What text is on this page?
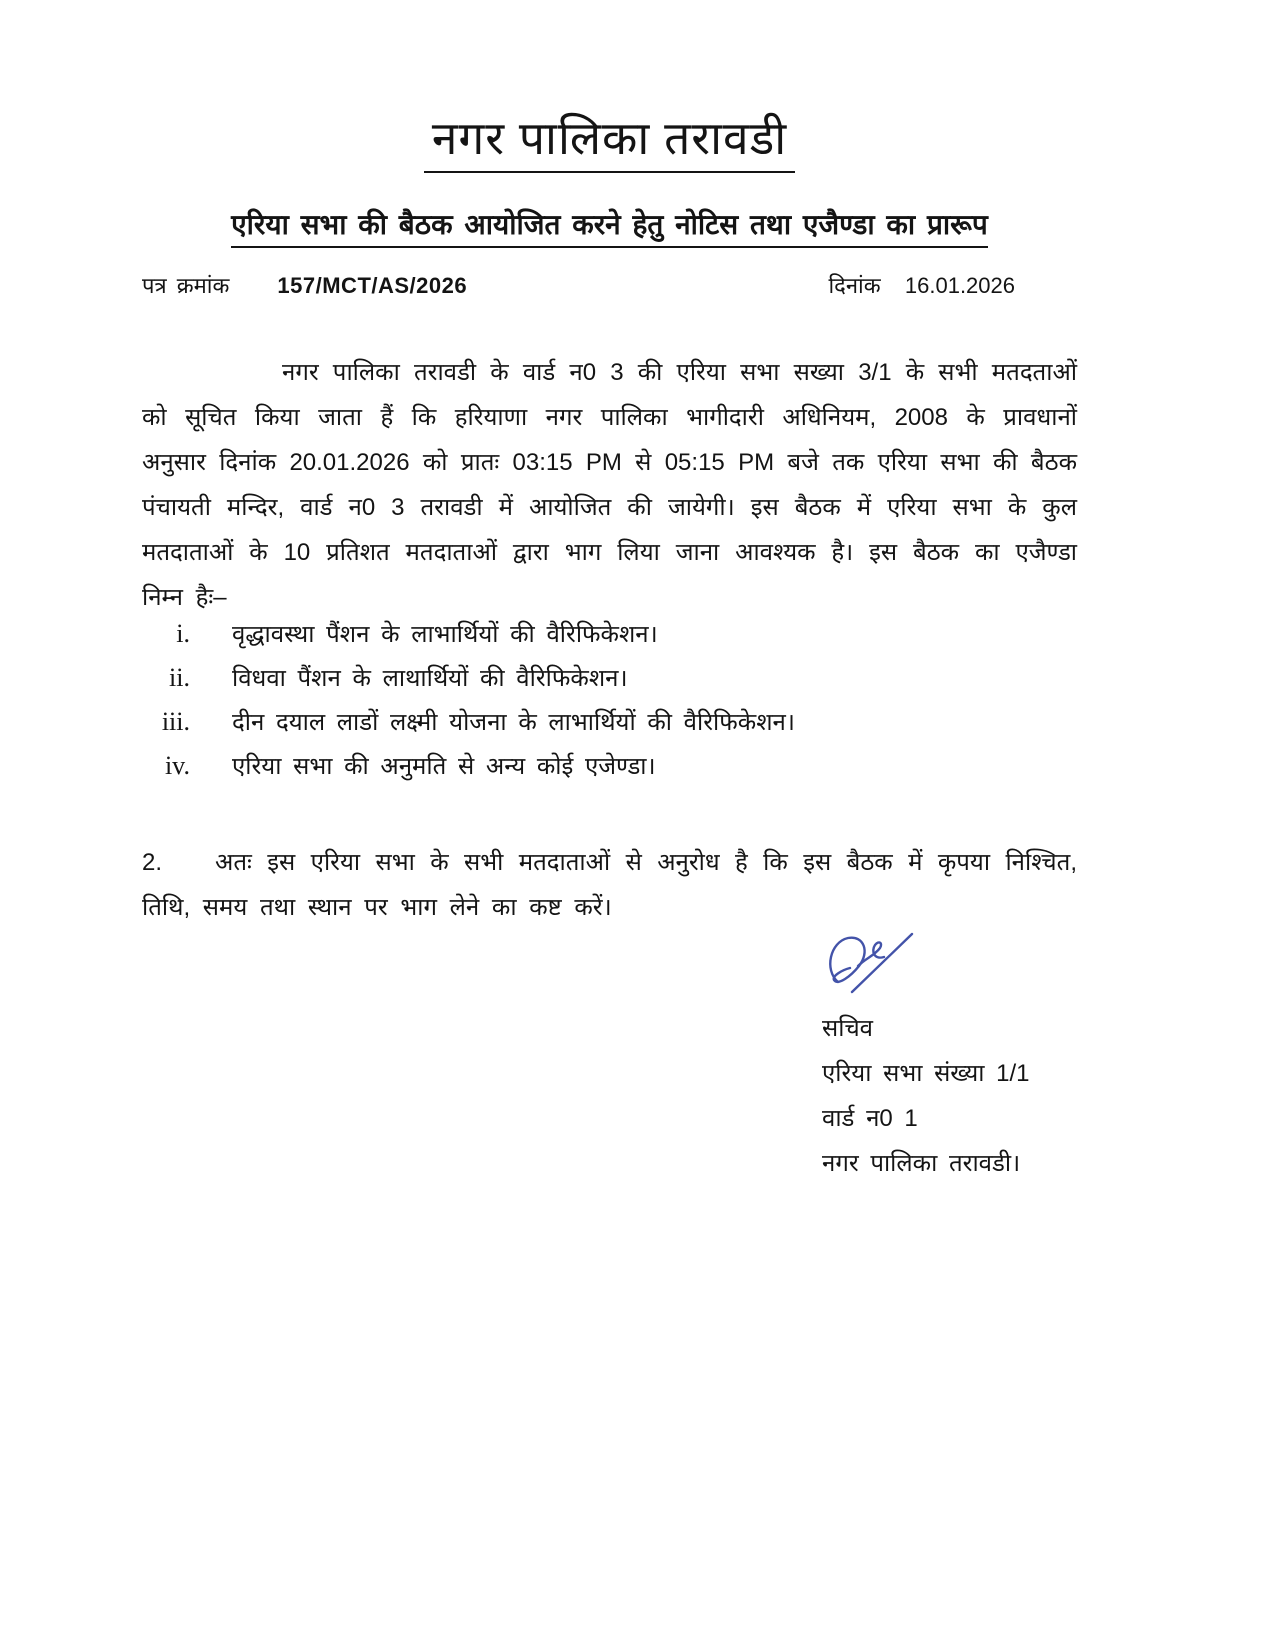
नगर पालिका तरावडी
एरिया सभा की बैठक आयोजित करने हेतु नोटिस तथा एजैण्डा का प्रारूप
पत्र क्रमांक 157/MCT/AS/2026	दिनांक 16.01.2026
नगर पालिका तरावडी के वार्ड न0 3 की एरिया सभा सख्या 3/1 के सभी मतदताओं को सूचित किया जाता हैं कि हरियाणा नगर पालिका भागीदारी अधिनियम, 2008 के प्रावधानों अनुसार दिनांक 20.01.2026 को प्रातः 03:15 PM से 05:15 PM बजे तक एरिया सभा की बैठक पंचायती मन्दिर, वार्ड न0 3 तरावडी में आयोजित की जायेगी। इस बैठक में एरिया सभा के कुल मतदाताओं के 10 प्रतिशत मतदाताओं द्वारा भाग लिया जाना आवश्यक है। इस बैठक का एजैण्डा निम्न हैः–
i. वृद्धावस्था पैंशन के लाभार्थियों की वैरिफिकेशन।
ii. विधवा पैंशन के लाथार्थियों की वैरिफिकेशन।
iii. दीन दयाल लाडों लक्ष्मी योजना के लाभार्थियों की वैरिफिकेशन।
iv. एरिया सभा की अनुमति से अन्य कोई एजेण्डा।
2. अतः इस एरिया सभा के सभी मतदाताओं से अनुरोध है कि इस बैठक में कृपया निश्चित, तिथि, समय तथा स्थान पर भाग लेने का कष्ट करें।
सचिव
एरिया सभा संख्या 1/1
वार्ड न0 1
नगर पालिका तरावडी।
